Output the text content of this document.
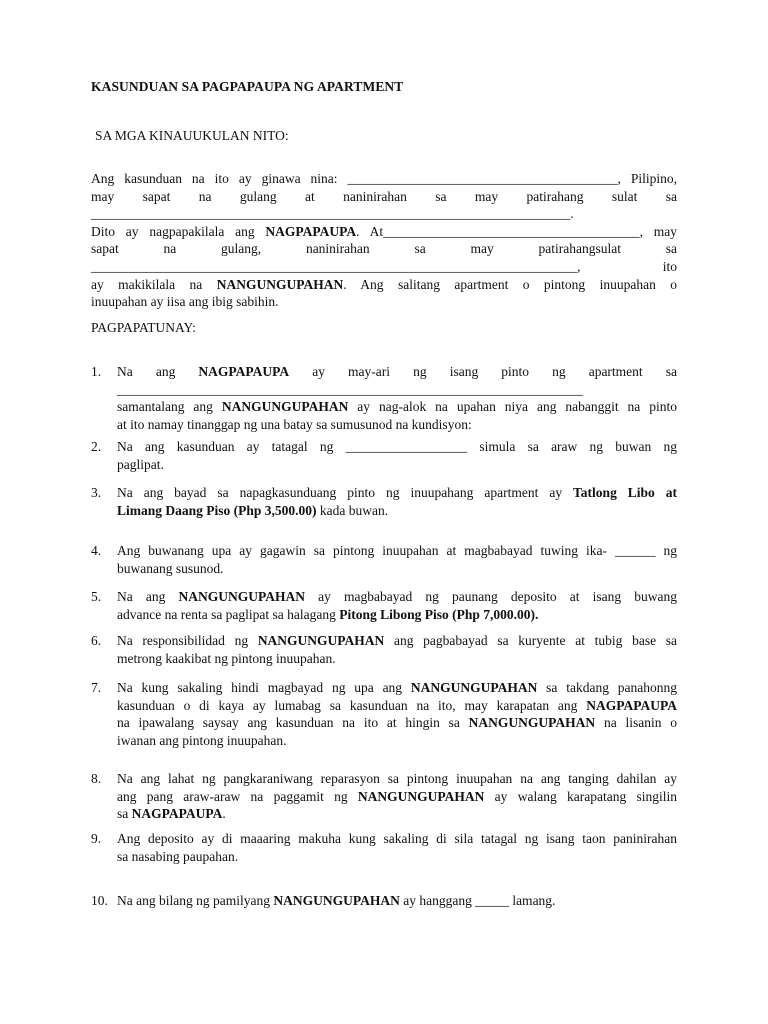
KASUNDUAN SA PAGPAPAUPA NG APARTMENT
SA MGA KINAUUKULAN NITO:

Ang kasunduan na ito ay ginawa nina: ________________________________________, Pilipino,

may sapat na gulang at naninirahan sa may patirahang sulat sa

_______________________________________________________________________.

Dito ay nagpapakilala ang NAGPAPAUPA. At______________________________________, may

sapat na gulang, naninirahan sa may patirahangsulat sa

________________________________________________________________________, ito

ay makikilala na NANGUNGUPAHAN. Ang salitang apartment o pintong inuupahan o

inuupahan ay iisa ang ibig sabihin.

PAGPAPATUNAY:
1. Na ang NAGPAPAUPA ay may-ari ng isang pinto ng apartment sa

_____________________________________________________________________

samantalang ang NANGUNGUPAHAN ay nag-alok na upahan niya ang nabanggit na pinto

at ito namay tinanggap ng una batay sa sumusunod na kundisyon:

2. Na ang kasunduan ay tatagal ng __________________ simula sa araw ng buwan ng

paglipat.

3. Na ang bayad sa napagkasunduang pinto ng inuupahang apartment ay Tatlong Libo at

Limang Daang Piso (Php 3,500.00) kada buwan.

4. Ang buwanang upa ay gagawin sa pintong inuupahan at magbabayad tuwing ika- ______ ng

buwanang susunod.

5. Na ang NANGUNGUPAHAN ay magbabayad ng paunang deposito at isang buwang

advance na renta sa paglipat sa halagang Pitong Libong Piso (Php 7,000.00).

6. Na responsibilidad ng NANGUNGUPAHAN ang pagbabayad sa kuryente at tubig base sa

metrong kaakibat ng pintong inuupahan.

7. Na kung sakaling hindi magbayad ng upa ang NANGUNGUPAHAN sa takdang panahonng

kasunduan o di kaya ay lumabag sa kasunduan na ito, may karapatan ang NAGPAPAUPA

na ipawalang saysay ang kasunduan na ito at hingin sa NANGUNGUPAHAN na lisanin o

iwanan ang pintong inuupahan.

8. Na ang lahat ng pangkaraniwang reparasyon sa pintong inuupahan na ang tanging dahilan ay

ang pang araw-araw na paggamit ng NANGUNGUPAHAN ay walang karapatang singilin

sa NAGPAPAUPA.

9. Ang deposito ay di maaaring makuha kung sakaling di sila tatagal ng isang taon paninirahan

sa nasabing paupahan.

10. Na ang bilang ng pamilyang NANGUNGUPAHAN ay hanggang _____ lamang.
